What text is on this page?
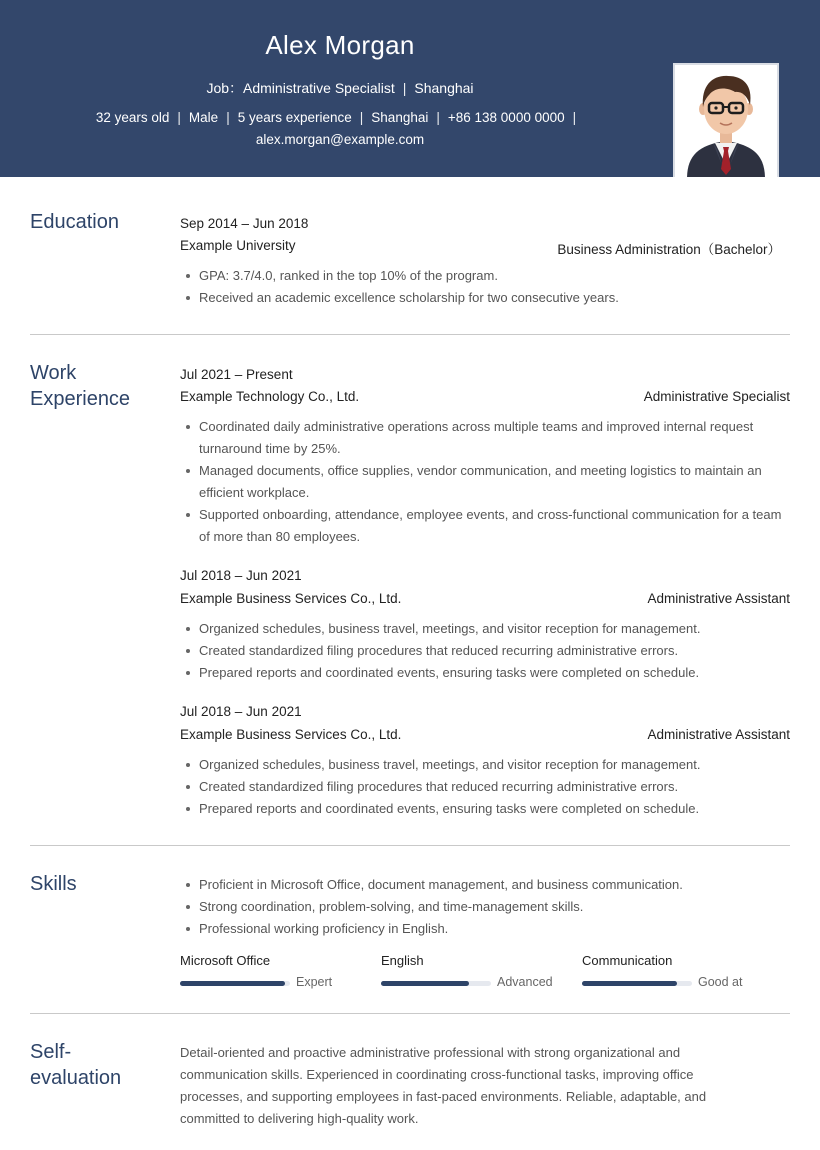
Alex Morgan
Job：Administrative Specialist | Shanghai
32 years old | Male | 5 years experience | Shanghai | +86 138 0000 0000 |
alex.morgan@example.com
Education	Sep 2014 – Jun 2018
Example University	Business Administration（Bachelor）
GPA: 3.7/4.0, ranked in the top 10% of the program.
Received an academic excellence scholarship for two consecutive years.
Work
Experience
Jul 2021 – Present
Example Technology Co., Ltd.	Administrative Specialist
Coordinated daily administrative operations across multiple teams and improved internal request turnaround time by 25%.
Managed documents, office supplies, vendor communication, and meeting logistics to maintain an efficient workplace.
Supported onboarding, attendance, employee events, and cross-functional communication for a team of more than 80 employees.
Jul 2018 – Jun 2021
Example Business Services Co., Ltd.	Administrative Assistant
Organized schedules, business travel, meetings, and visitor reception for management.
Created standardized filing procedures that reduced recurring administrative errors.
Prepared reports and coordinated events, ensuring tasks were completed on schedule.
Jul 2018 – Jun 2021
Example Business Services Co., Ltd.	Administrative Assistant
Organized schedules, business travel, meetings, and visitor reception for management.
Created standardized filing procedures that reduced recurring administrative errors.
Prepared reports and coordinated events, ensuring tasks were completed on schedule.
Skills	Proficient in Microsoft Office, document management, and business communication.
Strong coordination, problem-solving, and time-management skills.
Professional working proficiency in English.
Microsoft Office
Expert
English
Advanced
Communication
Good at
Self-
evaluation
Detail-oriented and proactive administrative professional with strong organizational and communication skills. Experienced in coordinating cross-functional tasks, improving office processes, and supporting employees in fast-paced environments. Reliable, adaptable, and committed to delivering high-quality work.
